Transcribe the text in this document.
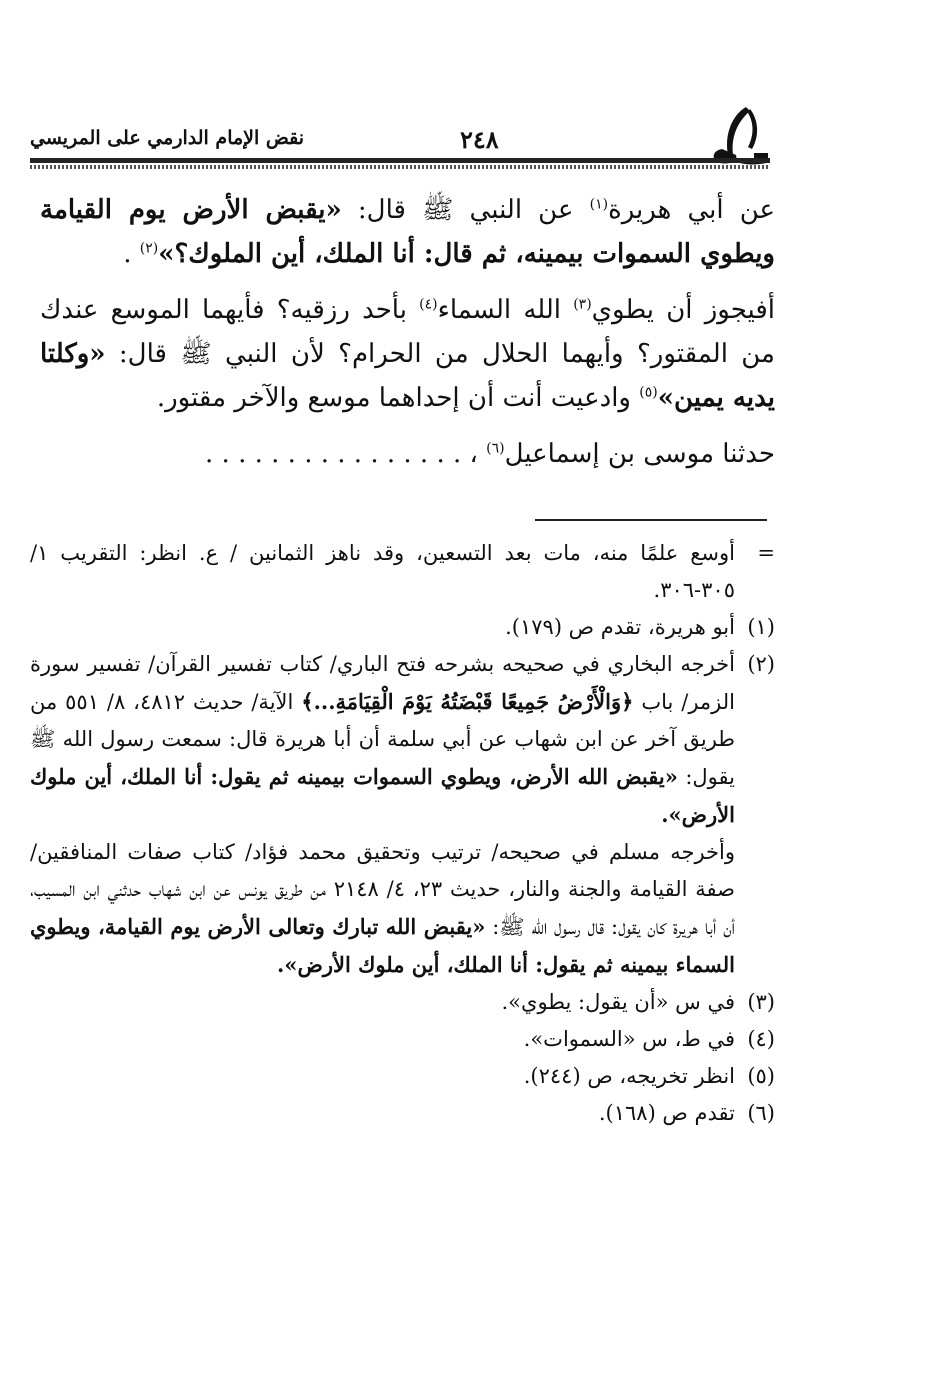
نقض الإمام الدارمي على المريسي	٢٤٨

عن أبي هريرة$^{(١)}$ عن النبي ﷺ قال: «يقبض الأرض يوم القيامة ويطوي السموات بيمينه، ثم قال: أنا الملك، أين الملوك؟»$^{(٢)}$ .

أفيجوز أن يطوي$^{(٣)}$ الله السماء$^{(٤)}$ بأحد رزقيه؟ فأيهما الموسع عندك من المقتور؟ وأيهما الحلال من الحرام؟ لأن النبي ﷺ قال: «وكلتا يديه يمين»$^{(٥)}$ وادعيت أنت أن إحداهما موسع والآخر مقتور.

حدثنا موسى بن إسماعيل$^{(٦)}$ ، . . . . . . . . . . . . . . . .

=
أوسع علمًا منه، مات بعد التسعين، وقد ناهز الثمانين / ع. انظر: التقريب ١/ ٣٠٥-٣٠٦.

(١)
أبو هريرة، تقدم ص (١٧٩).

(٢)
أخرجه البخاري في صحيحه بشرحه فتح الباري/ كتاب تفسير القرآن/ تفسير سورة الزمر/ باب ﴿وَالْأَرْضُ جَمِيعًا قَبْضَتُهُ يَوْمَ الْقِيَامَةِ...﴾ الآية/ حديث ٤٨١٢، ٨/ ٥٥١ من طريق آخر عن ابن شهاب عن أبي سلمة أن أبا هريرة قال: سمعت رسول الله ﷺ يقول: «يقبض الله الأرض، ويطوي السموات بيمينه ثم يقول: أنا الملك، أين ملوك الأرض».

وأخرجه مسلم في صحيحه/ ترتيب وتحقيق محمد فؤاد/ كتاب صفات المنافقين/ صفة القيامة والجنة والنار، حديث ٢٣، ٤/ ٢١٤٨ من طريق يونس عن ابن شهاب حدثني ابن المسيب، أن أبا هريرة كان يقول: قال رسول الله ﷺ: «يقبض الله تبارك وتعالى الأرض يوم القيامة، ويطوي السماء بيمينه ثم يقول: أنا الملك، أين ملوك الأرض».

(٣)
في س «أن يقول: يطوي».

(٤)
في ط، س «السموات».

(٥)
انظر تخريجه، ص (٢٤٤).

(٦)
تقدم ص (١٦٨).
